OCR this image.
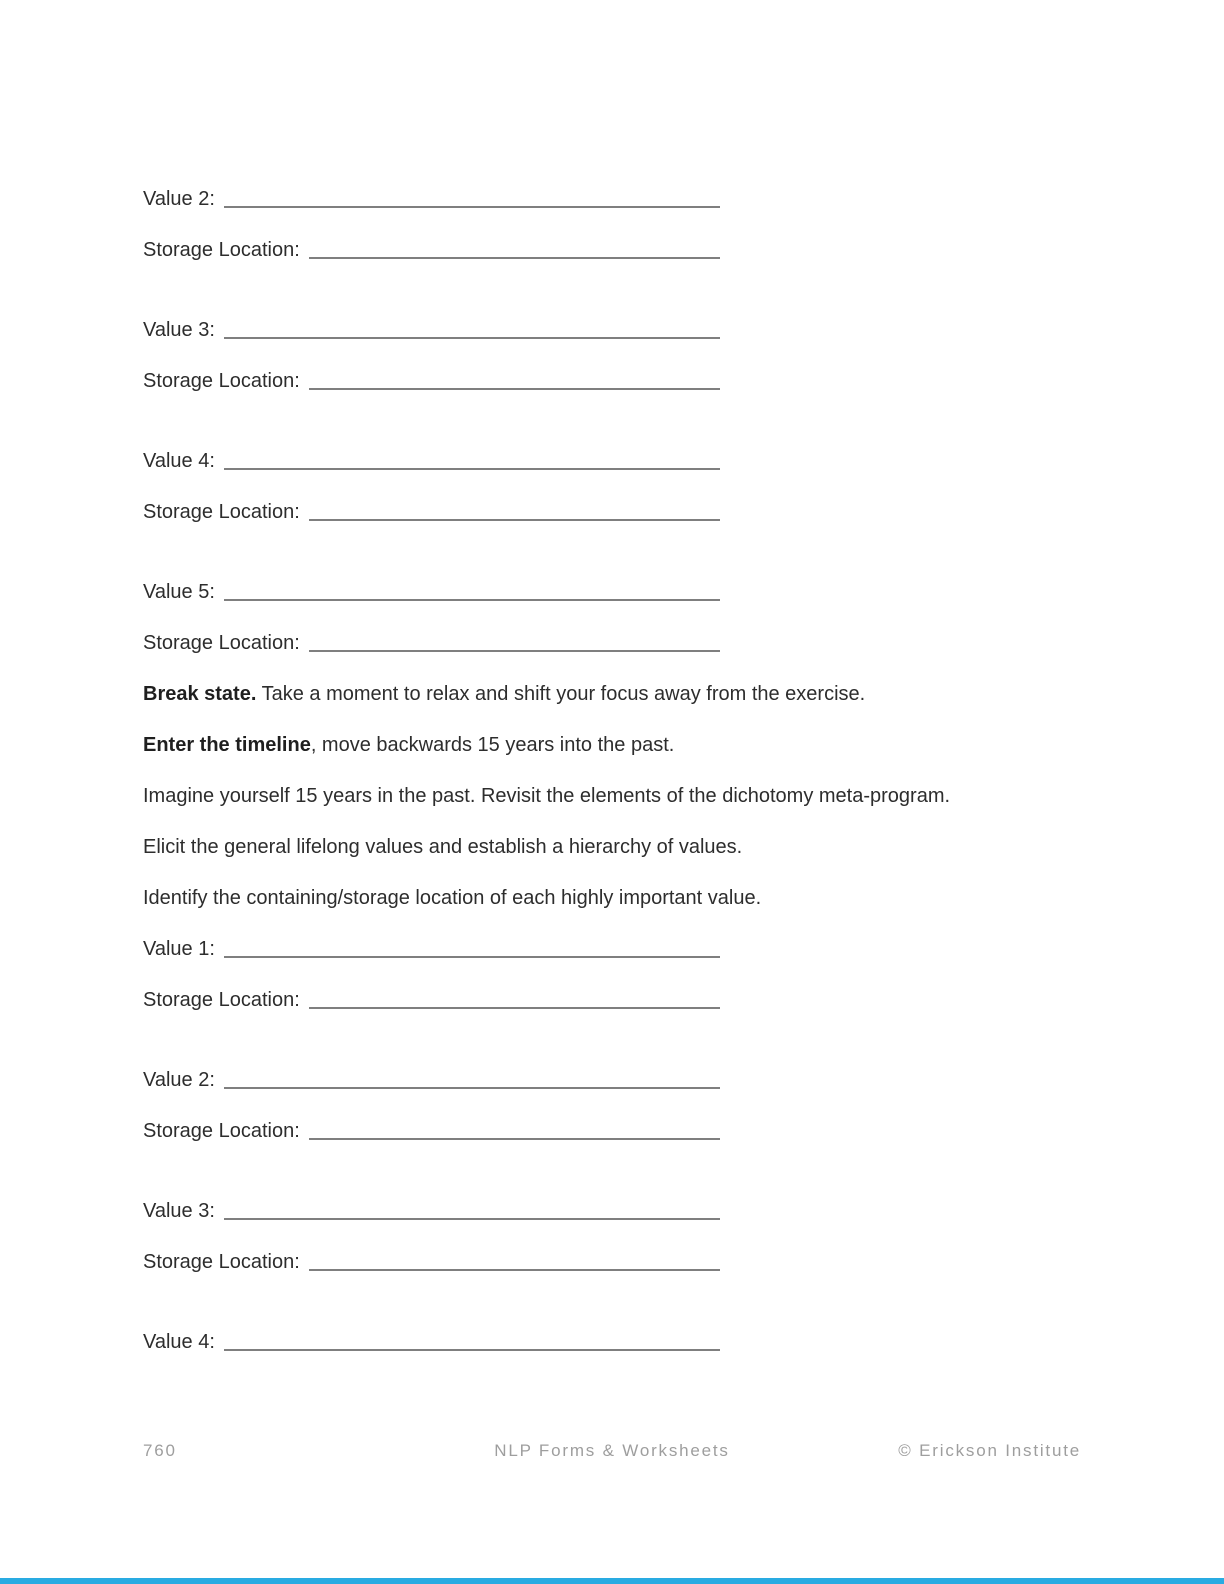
Value 2:
Storage Location:
Value 3:
Storage Location:
Value 4:
Storage Location:
Value 5:
Storage Location:

Break state. Take a moment to relax and shift your focus away from the exercise.

Enter the timeline, move backwards 15 years into the past.

Imagine yourself 15 years in the past. Revisit the elements of the dichotomy meta-program.

Elicit the general lifelong values and establish a hierarchy of values.

Identify the containing/storage location of each highly important value.

Value 1:
Storage Location:
Value 2:
Storage Location:
Value 3:
Storage Location:
Value 4:
760	NLP Forms & Worksheets	© Erickson Institute
